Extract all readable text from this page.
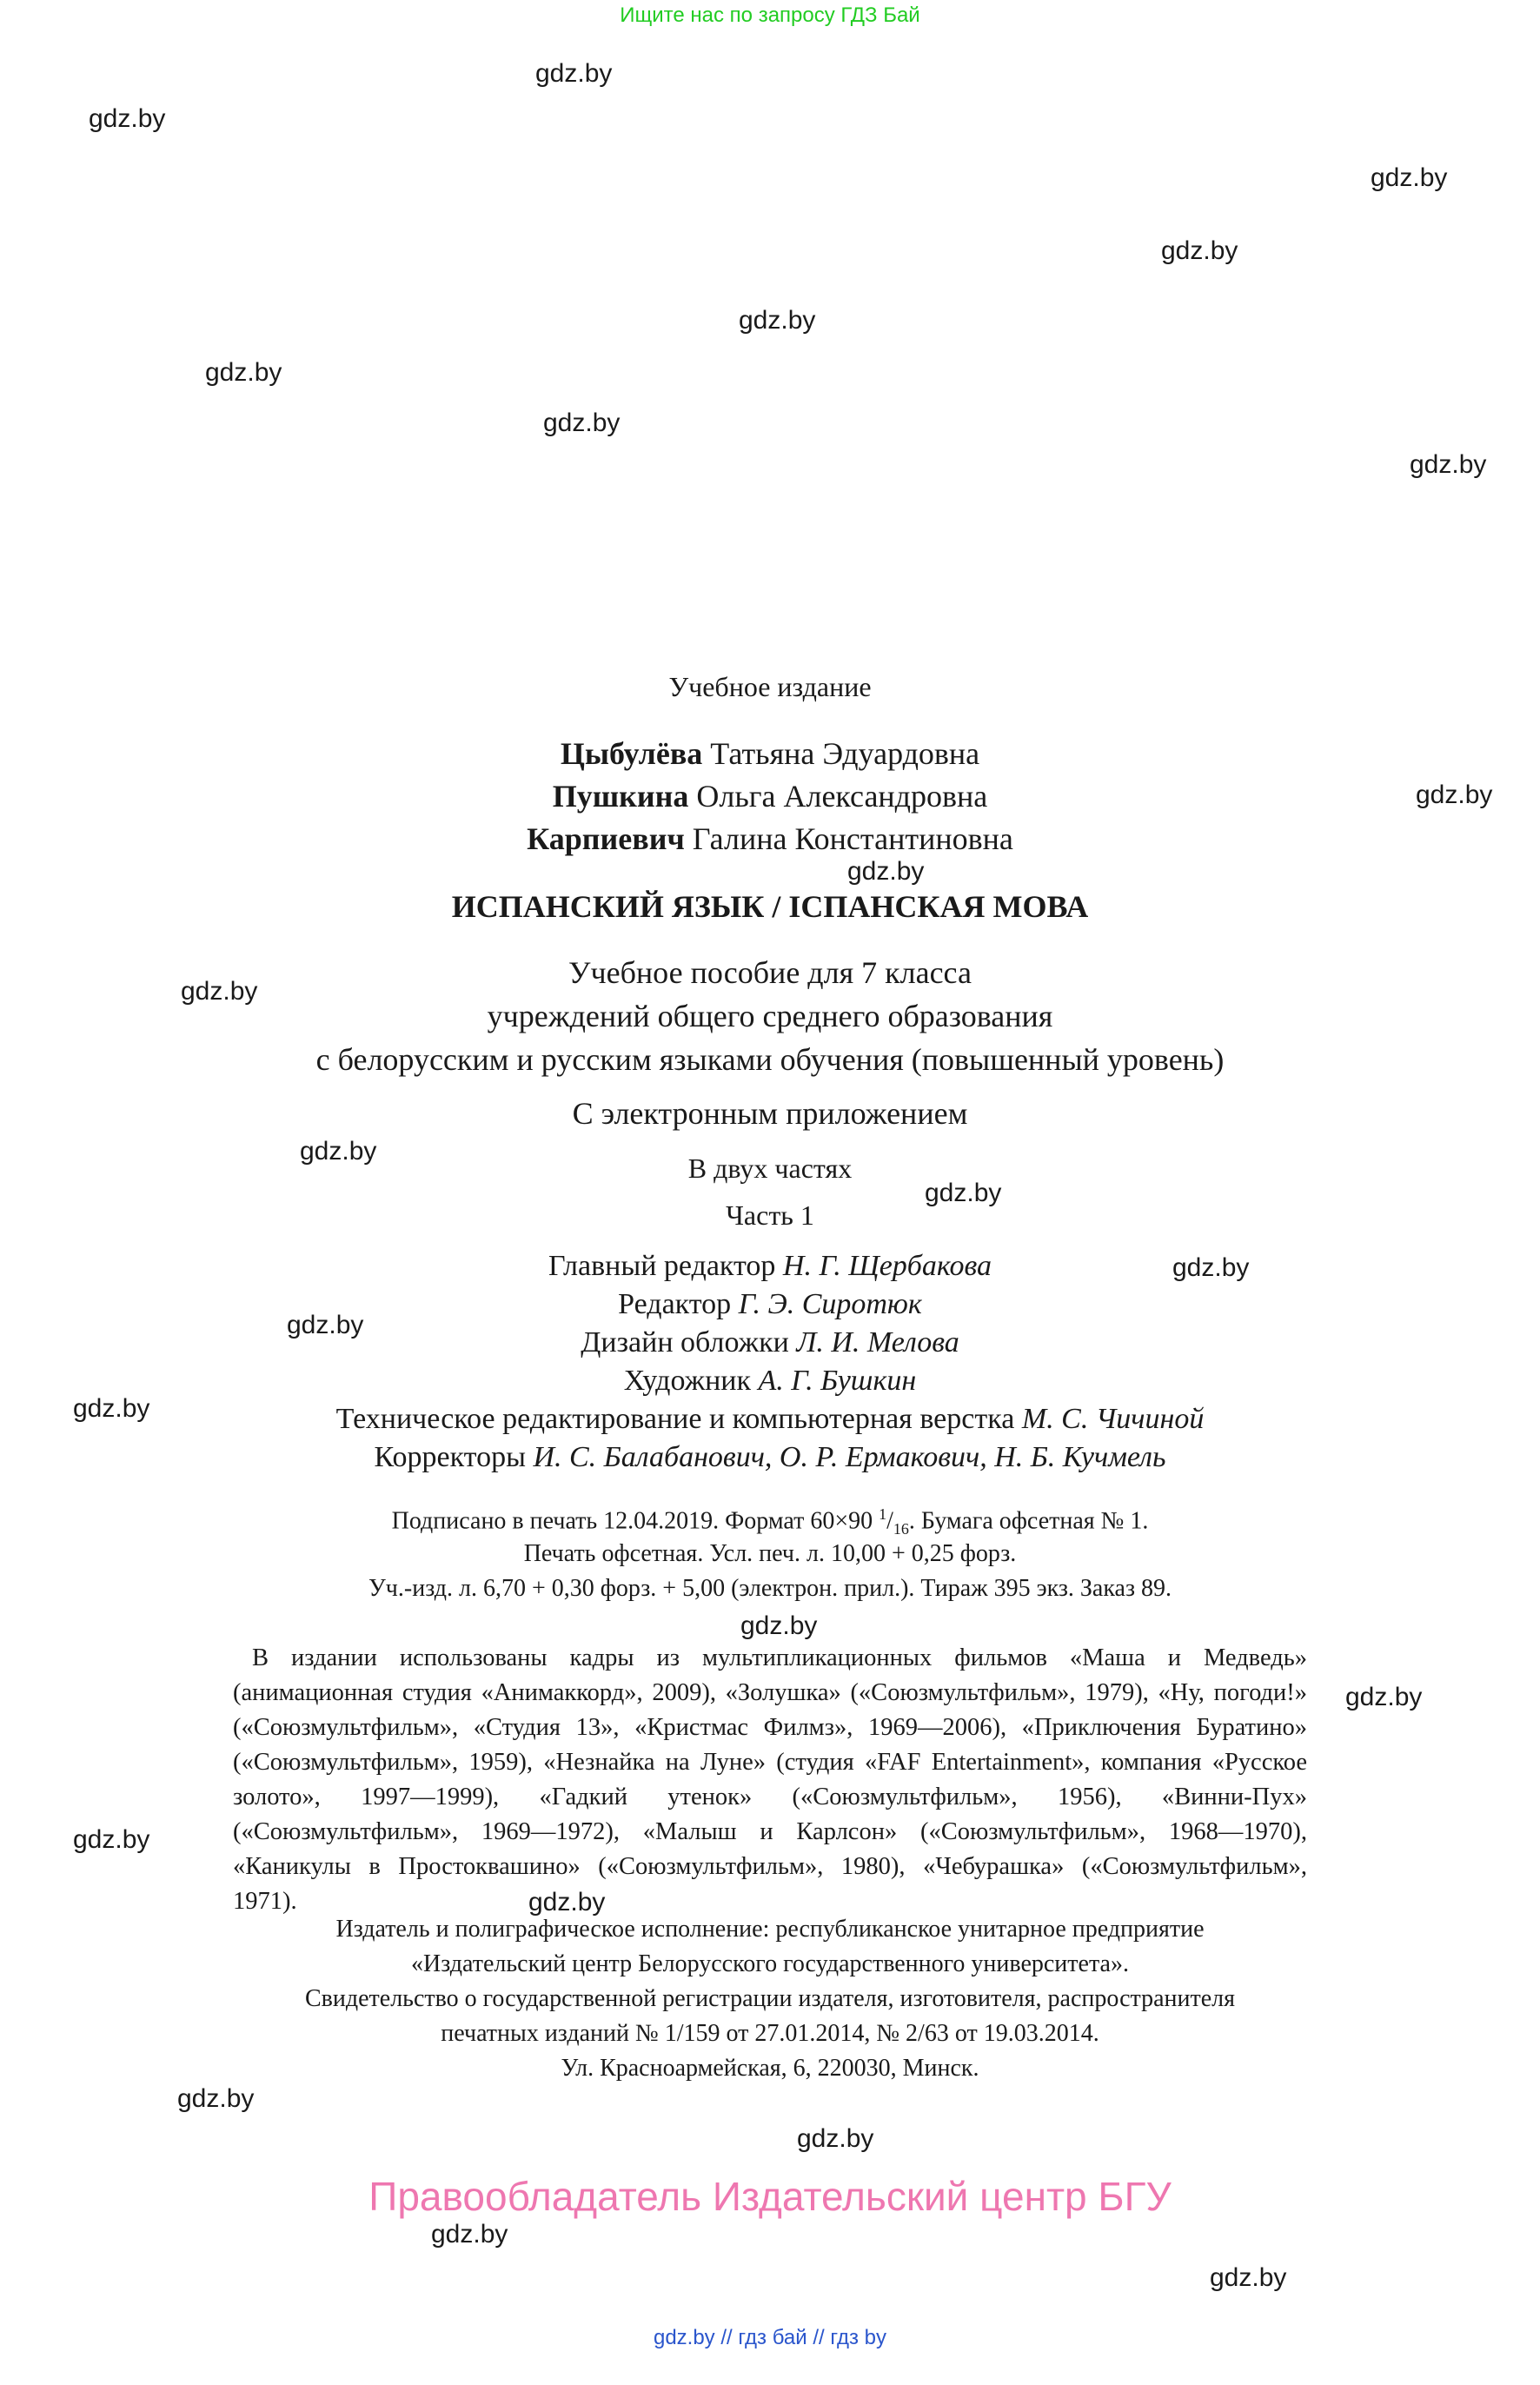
Ищите нас по запросу ГДЗ Бай
gdz.by
gdz.by
gdz.by
gdz.by
gdz.by
gdz.by
gdz.by
gdz.by
gdz.by
gdz.by
gdz.by
gdz.by
gdz.by
gdz.by
gdz.by
gdz.by
gdz.by
gdz.by
gdz.by
gdz.by
gdz.by
gdz.by
gdz.by
gdz.by
Учебное издание
Цыбулёва Татьяна Эдуардовна
Пушкина Ольга Александровна
Карпиевич Галина Константиновна
ИСПАНСКИЙ ЯЗЫК / ІСПАНСКАЯ МОВА
Учебное пособие для 7 класса
учреждений общего среднего образования
с белорусским и русским языками обучения (повышенный уровень)
С электронным приложением
В двух частях
Часть 1
Главный редактор Н. Г. Щербакова
Редактор Г. Э. Сиротюк
Дизайн обложки Л. И. Мелова
Художник А. Г. Бушкин
Техническое редактирование и компьютерная верстка М. С. Чичиной
Корректоры И. С. Балабанович, О. Р. Ермакович, Н. Б. Кучмель
Подписано в печать 12.04.2019. Формат 60×90 $^1/_{16}$. Бумага офсетная № 1.
Печать офсетная. Усл. печ. л. 10,00 + 0,25 форз.
Уч.-изд. л. 6,70 + 0,30 форз. + 5,00 (электрон. прил.). Тираж 395 экз. Заказ 89.
В издании использованы кадры из мультипликационных фильмов «Маша и Медведь» (анимационная студия «Анимаккорд», 2009), «Золушка» («Союзмультфильм», 1979), «Ну, погоди!» («Союзмультфильм», «Студия 13», «Кристмас Филмз», 1969—2006), «Приключения Буратино» («Союзмультфильм», 1959), «Незнайка на Луне» (студия «FAF Entertainment», компания «Русское золото», 1997—1999), «Гадкий утенок» («Союзмультфильм», 1956), «Винни-Пух» («Союзмультфильм», 1969—1972), «Малыш и Карлсон» («Союзмультфильм», 1968—1970), «Каникулы в Простоквашино» («Союзмультфильм», 1980), «Чебурашка» («Союзмультфильм», 1971).
Издатель и полиграфическое исполнение: республиканское унитарное предприятие
«Издательский центр Белорусского государственного университета».
Свидетельство о государственной регистрации издателя, изготовителя, распространителя
печатных изданий № 1/159 от 27.01.2014, № 2/63 от 19.03.2014.
Ул. Красноармейская, 6, 220030, Минск.
Правообладатель Издательский центр БГУ
gdz.by // гдз бай // гдз by
